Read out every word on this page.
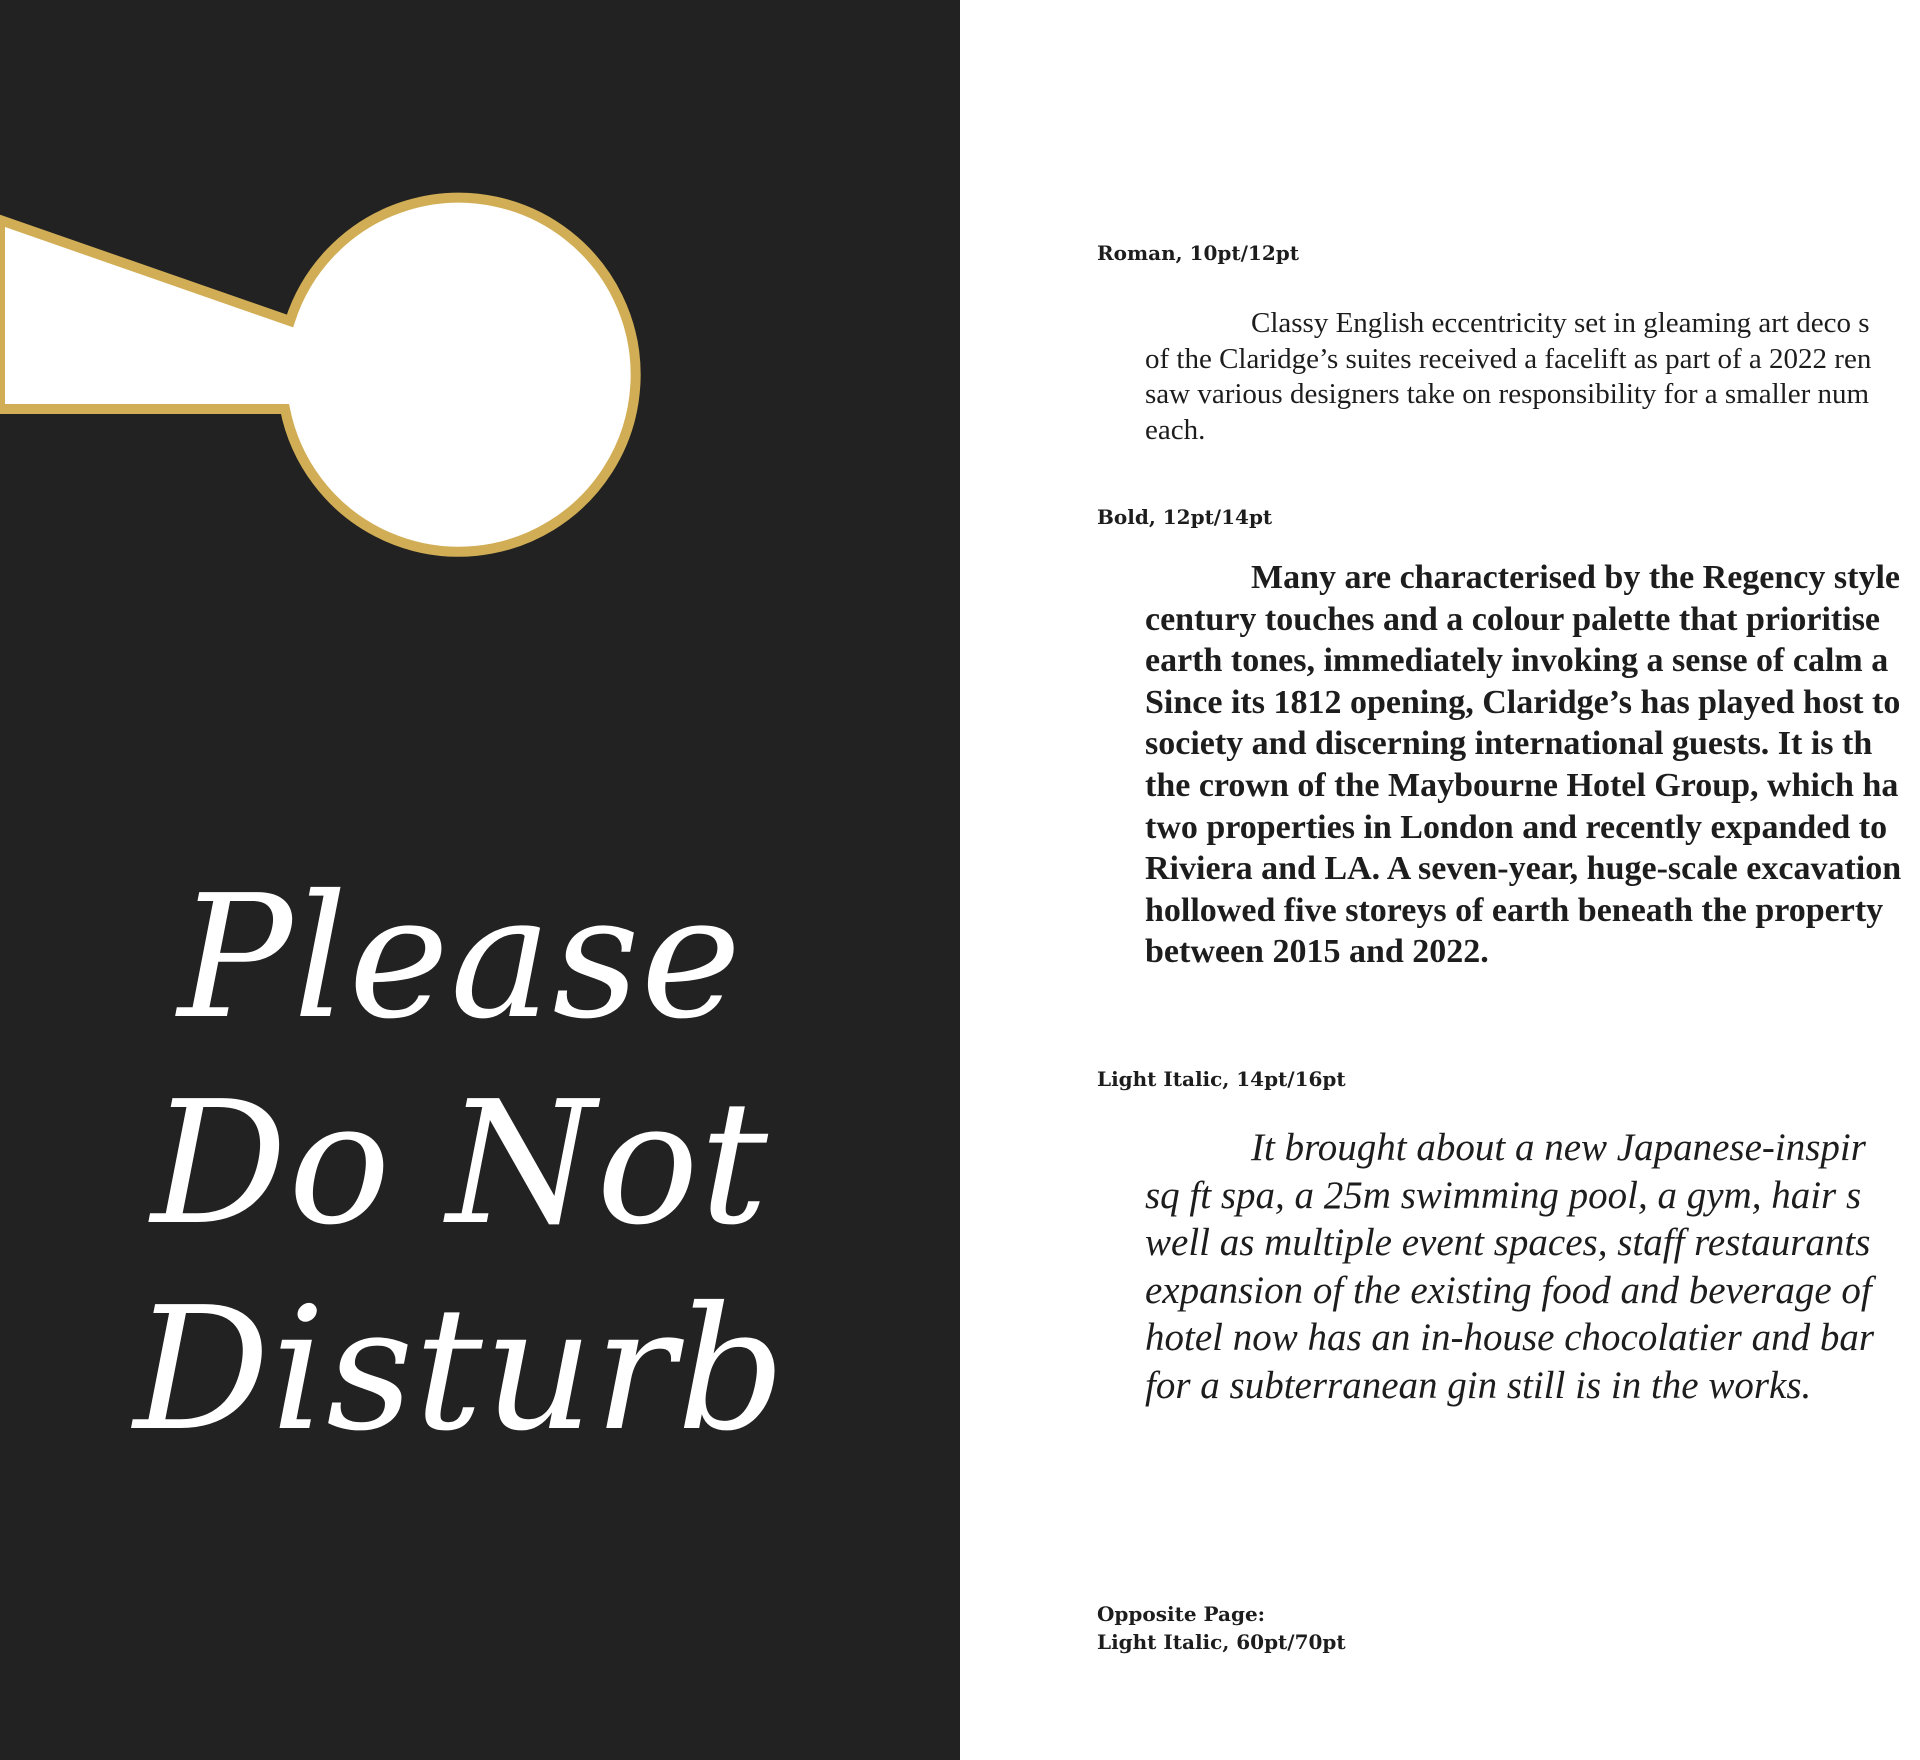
Please
Do Not
Disturb
Roman, 10pt/12pt
Classy English eccentricity set in gleaming art deco s
of the Claridge’s suites received a facelift as part of a 2022 ren
saw various designers take on responsibility for a smaller num
each.
Bold, 12pt/14pt
Many are characterised by the Regency style
century touches and a colour palette that prioritise
earth tones, immediately invoking a sense of calm a
Since its 1812 opening, Claridge’s has played host to
society and discerning international guests. It is th
the crown of the Maybourne Hotel Group, which ha
two properties in London and recently expanded to
Riviera and LA. A seven-year, huge-scale excavation
hollowed five storeys of earth beneath the property
between 2015 and 2022.
Light Italic, 14pt/16pt
It brought about a new Japanese-inspir
sq ft spa, a 25m swimming pool, a gym, hair s
well as multiple event spaces, staff restaurants
expansion of the existing food and beverage of
hotel now has an in-house chocolatier and bar
for a subterranean gin still is in the works.
Opposite Page:
Light Italic, 60pt/70pt
